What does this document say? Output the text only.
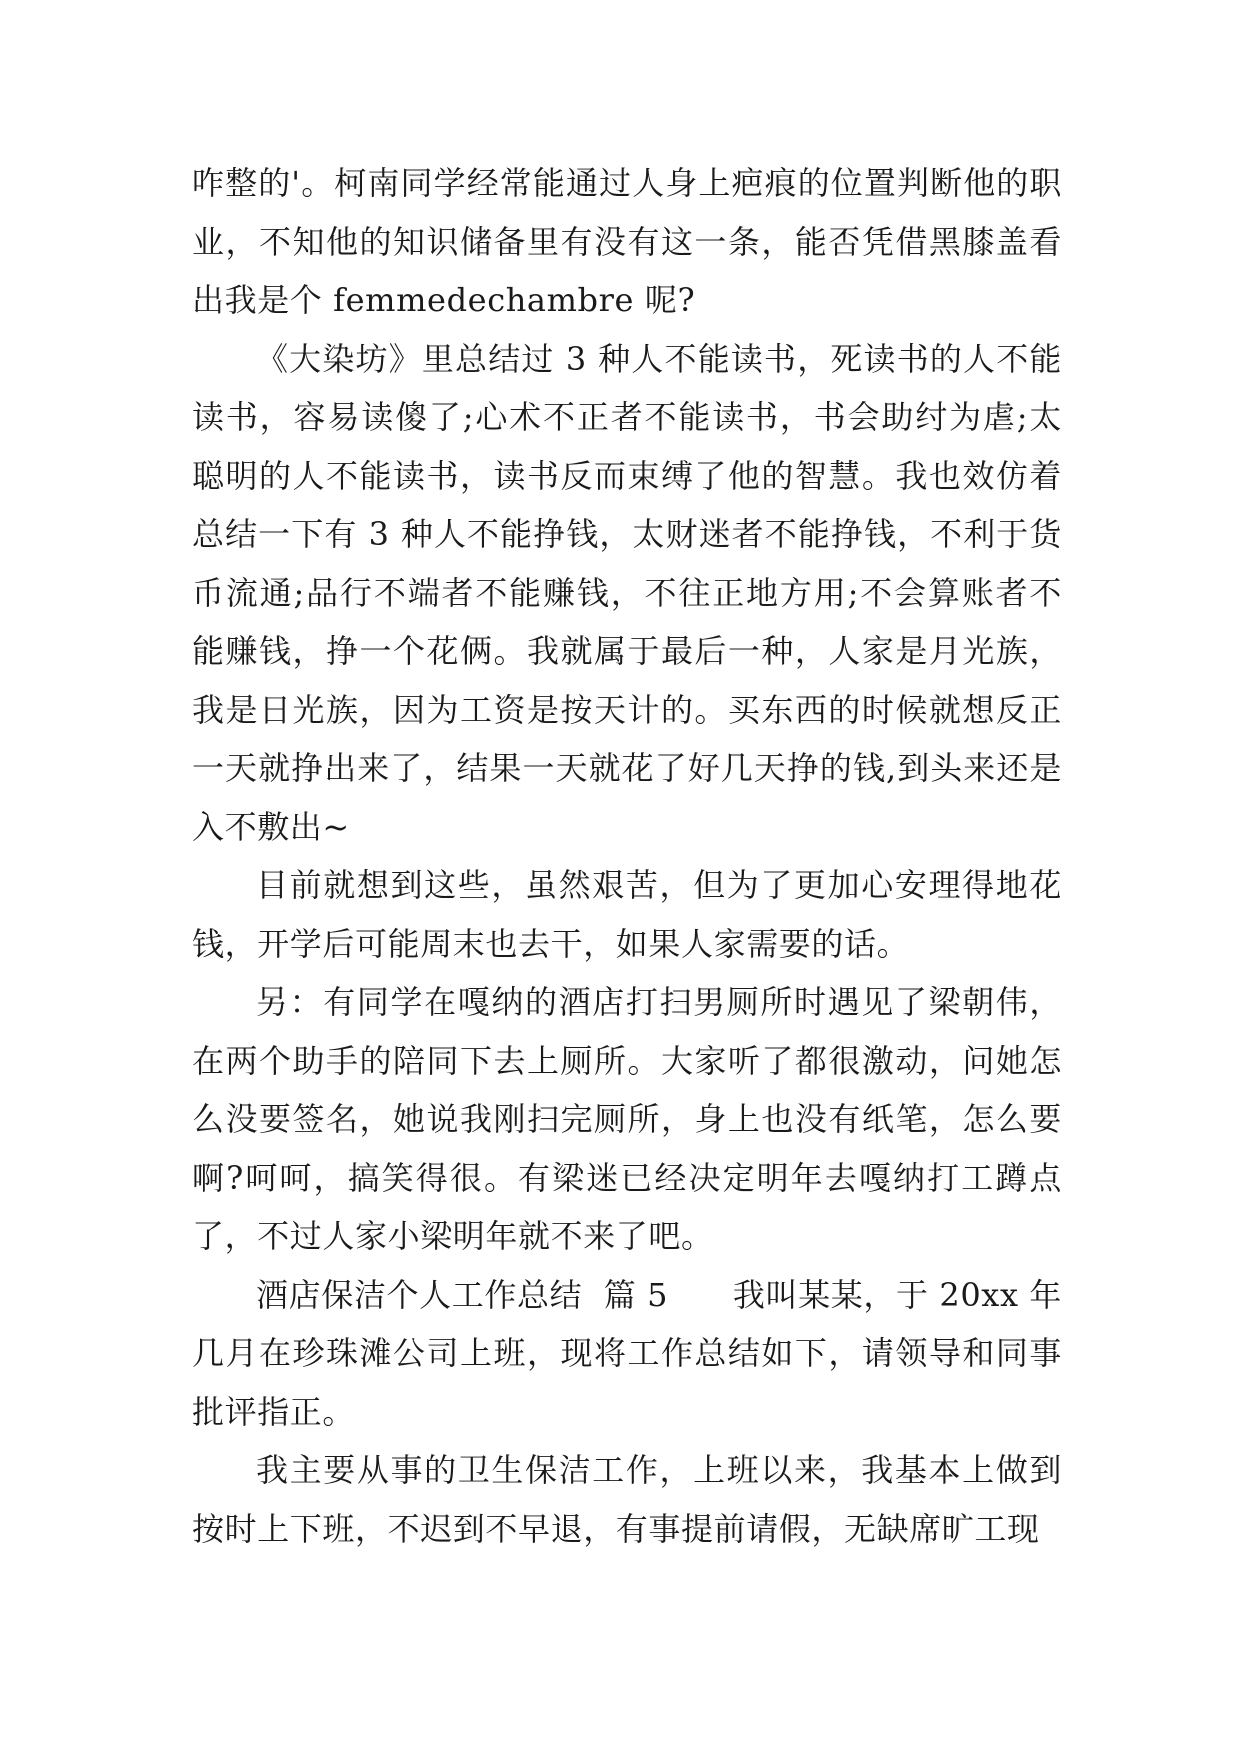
咋整的'。柯南同学经常能通过人身上疤痕的位置判断他的职业，不知他的知识储备里有没有这一条，能否凭借黑膝盖看出我是个 femmedechambre 呢?

《大染坊》里总结过 3 种人不能读书，死读书的人不能读书，容易读傻了;心术不正者不能读书，书会助纣为虐;太聪明的人不能读书，读书反而束缚了他的智慧。我也效仿着总结一下有 3 种人不能挣钱，太财迷者不能挣钱，不利于货币流通;品行不端者不能赚钱，不往正地方用;不会算账者不能赚钱，挣一个花俩。我就属于最后一种，人家是月光族，我是日光族，因为工资是按天计的。买东西的时候就想反正一天就挣出来了，结果一天就花了好几天挣的钱,到头来还是入不敷出~

目前就想到这些，虽然艰苦，但为了更加心安理得地花钱，开学后可能周末也去干，如果人家需要的话。

另：有同学在嘎纳的酒店打扫男厕所时遇见了梁朝伟，在两个助手的陪同下去上厕所。大家听了都很激动，问她怎么没要签名，她说我刚扫完厕所，身上也没有纸笔，怎么要啊?呵呵，搞笑得很。有梁迷已经决定明年去嘎纳打工蹲点了，不过人家小梁明年就不来了吧。

酒店保洁个人工作总结  篇 5      我叫某某，于 20xx 年几月在珍珠滩公司上班，现将工作总结如下，请领导和同事批评指正。

我主要从事的卫生保洁工作，上班以来，我基本上做到按时上下班，不迟到不早退，有事提前请假，无缺席旷工现
